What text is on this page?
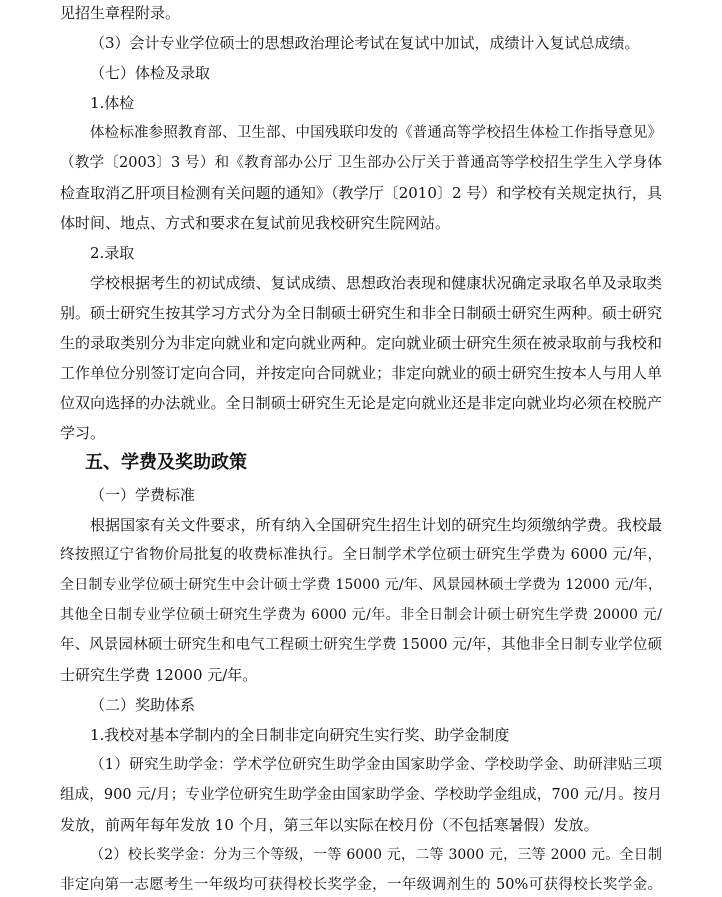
见招生章程附录。
（3）会计专业学位硕士的思想政治理论考试在复试中加试，成绩计入复试总成绩。
（七）体检及录取
1.体检
体检标准参照教育部、卫生部、中国残联印发的《普通高等学校招生体检工作指导意见》
（教学〔2003〕3 号）和《教育部办公厅 卫生部办公厅关于普通高等学校招生学生入学身体
检查取消乙肝项目检测有关问题的通知》（教学厅〔2010〕2 号）和学校有关规定执行，具
体时间、地点、方式和要求在复试前见我校研究生院网站。
2.录取
学校根据考生的初试成绩、复试成绩、思想政治表现和健康状况确定录取名单及录取类
别。硕士研究生按其学习方式分为全日制硕士研究生和非全日制硕士研究生两种。硕士研究
生的录取类别分为非定向就业和定向就业两种。定向就业硕士研究生须在被录取前与我校和
工作单位分别签订定向合同，并按定向合同就业；非定向就业的硕士研究生按本人与用人单
位双向选择的办法就业。全日制硕士研究生无论是定向就业还是非定向就业均必须在校脱产
学习。
五、学费及奖助政策
（一）学费标准
根据国家有关文件要求，所有纳入全国研究生招生计划的研究生均须缴纳学费。我校最
终按照辽宁省物价局批复的收费标准执行。全日制学术学位硕士研究生学费为 6000 元/年，
全日制专业学位硕士研究生中会计硕士学费 15000 元/年、风景园林硕士学费为 12000 元/年，
其他全日制专业学位硕士研究生学费为 6000 元/年。非全日制会计硕士研究生学费 20000 元/
年、风景园林硕士研究生和电气工程硕士研究生学费 15000 元/年，其他非全日制专业学位硕
士研究生学费 12000 元/年。
（二）奖助体系
1.我校对基本学制内的全日制非定向研究生实行奖、助学金制度
（1）研究生助学金：学术学位研究生助学金由国家助学金、学校助学金、助研津贴三项
组成，900 元/月；专业学位研究生助学金由国家助学金、学校助学金组成，700 元/月。按月
发放，前两年每年发放 10 个月，第三年以实际在校月份（不包括寒暑假）发放。
（2）校长奖学金：分为三个等级，一等 6000 元，二等 3000 元，三等 2000 元。全日制
非定向第一志愿考生一年级均可获得校长奖学金，一年级调剂生的 50%可获得校长奖学金。
